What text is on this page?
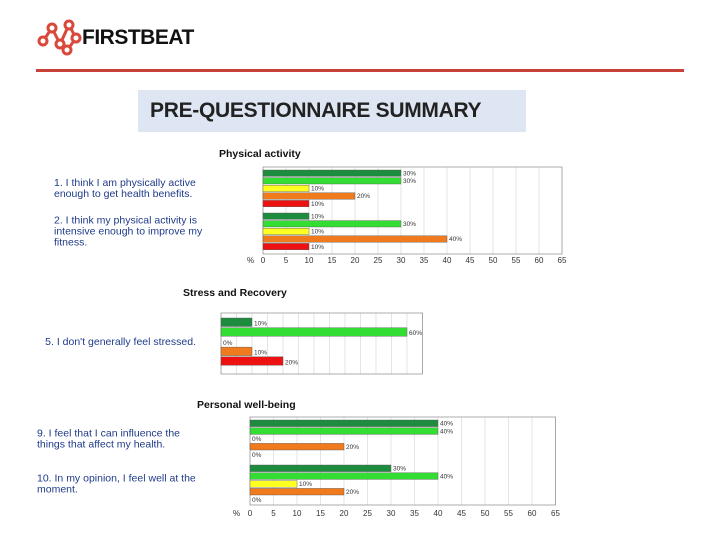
FIRSTBEAT
PRE-QUESTIONNAIRE SUMMARY
Physical activity
30%
30%
10%
20%
10%
1. I think I am physically active
enough to get health benefits.
10%
30%
10%
40%
10%
2. I think my physical activity is
intensive enough to improve my
fitness.
% 0 5 10 15 20 25 30 35 40 45 50 55 60 65
Stress and Recovery
10%
60%
0%
10%
20%
5. I don't generally feel stressed.
Personal well-being
40%
40%
0%
20%
0%
9. I feel that I can influence the
things that affect my health.
30%
40%
10%
20%
0%
10. In my opinion, I feel well at the
moment.
% 0 5 10 15 20 25 30 35 40 45 50 55 60 65
